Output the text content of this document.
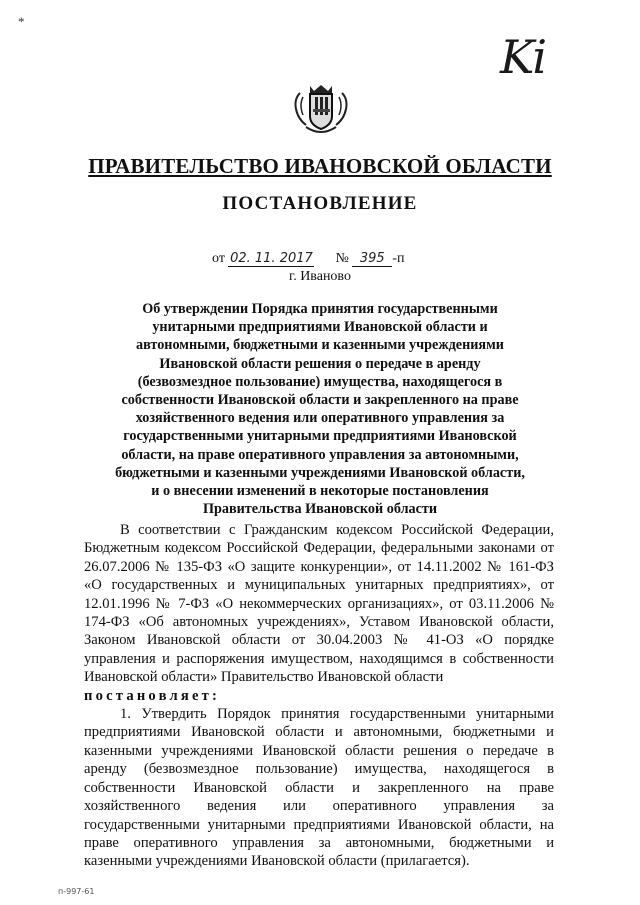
*
Ki
ПРАВИТЕЛЬСТВО ИВАНОВСКОЙ ОБЛАСТИ
ПОСТАНОВЛЕНИЕ
от 02. 11. 2017 № 395 -п
г. Иваново
Об утверждении Порядка принятия государственными унитарными предприятиями Ивановской области и автономными, бюджетными и казенными учреждениями Ивановской области решения о передаче в аренду (безвозмездное пользование) имущества, находящегося в собственности Ивановской области и закрепленного на праве хозяйственного ведения или оперативного управления за государственными унитарными предприятиями Ивановской области, на праве оперативного управления за автономными, бюджетными и казенными учреждениями Ивановской области, и о внесении изменений в некоторые постановления Правительства Ивановской области

В соответствии с Гражданским кодексом Российской Федерации, Бюджетным кодексом Российской Федерации, федеральными законами от 26.07.2006 № 135-ФЗ «О защите конкуренции», от 14.11.2002 № 161-ФЗ «О государственных и муниципальных унитарных предприятиях», от 12.01.1996 № 7-ФЗ «О некоммерческих организациях», от 03.11.2006 № 174-ФЗ «Об автономных учреждениях», Уставом Ивановской области, Законом Ивановской области от 30.04.2003 № 41-ОЗ «О порядке управления и распоряжения имуществом, находящимся в собственности Ивановской области» Правительство Ивановской области

постановляет:

1. Утвердить Порядок принятия государственными унитарными предприятиями Ивановской области и автономными, бюджетными и казенными учреждениями Ивановской области решения о передаче в аренду (безвозмездное пользование) имущества, находящегося в собственности Ивановской области и закрепленного на праве хозяйственного ведения или оперативного управления за государственными унитарными предприятиями Ивановской области, на праве оперативного управления за автономными, бюджетными и казенными учреждениями Ивановской области (прилагается).

п-997-61
